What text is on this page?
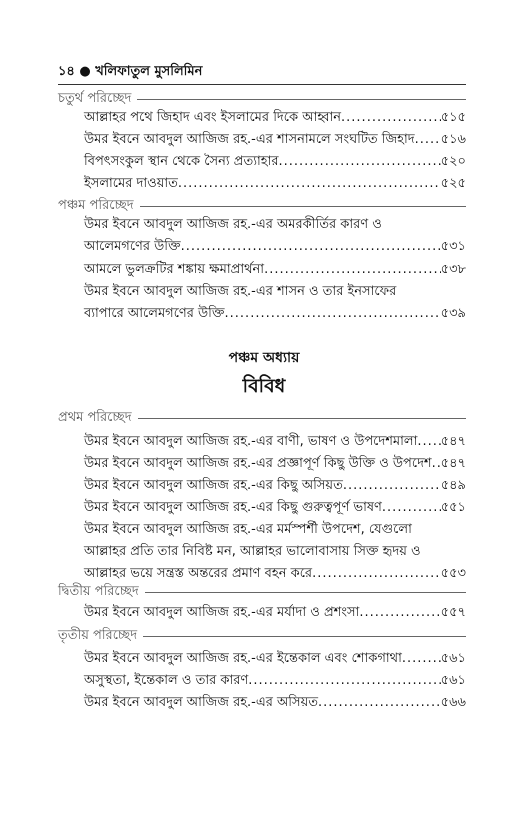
১৪ ● খলিফাতুল মুসলিমিন
পঞ্চম অধ্যায়
বিবিধ
চতুর্থ পরিচ্ছেদ
আল্লাহর পথে জিহাদ এবং ইসলামের দিকে আহ্বান .....	৫১৫
উমর ইবনে আবদুল আজিজ রহ.-এর শাসনামলে সংঘটিত জিহাদ ..... ৫১৬
বিপৎসংকুল স্থান থেকে সৈন্য প্রত্যাহার .....	৫২০
ইসলামের দাওয়াত .....	৫২৫
পঞ্চম পরিচ্ছেদ
উমর ইবনে আবদুল আজিজ রহ.-এর অমরকীর্তির কারণ ও
আলেমগণের উক্তি .....	৫৩১
আমলে ভুলক্রটির শঙ্কায় ক্ষমাপ্রার্থনা .....	৫৩৮
উমর ইবনে আবদুল আজিজ রহ.-এর শাসন ও তার ইনসাফের
ব্যাপারে আলেমগণের উক্তি .....	৫৩৯
প্রথম পরিচ্ছেদ
উমর ইবনে আবদুল আজিজ রহ.-এর বাণী, ভাষণ ও উপদেশমালা ..... ৫৪৭
উমর ইবনে আবদুল আজিজ রহ.-এর প্রজ্ঞাপূর্ণ কিছু উক্তি ও উপদেশ ..... ৫৪৭
উমর ইবনে আবদুল আজিজ রহ.-এর কিছু অসিয়ত .....	৫৪৯
উমর ইবনে আবদুল আজিজ রহ.-এর কিছু গুরুত্বপূর্ণ ভাষণ .....	৫৫১
উমর ইবনে আবদুল আজিজ রহ.-এর মর্মস্পর্শী উপদেশ, যেগুলো
আল্লাহর প্রতি তার নিবিষ্ট মন, আল্লাহর ভালোবাসায় সিক্ত হৃদয় ও
আল্লাহর ভয়ে সন্ত্রস্ত অন্তরের প্রমাণ বহন করে .....	৫৫৩
দ্বিতীয় পরিচ্ছেদ
উমর ইবনে আবদুল আজিজ রহ.-এর মর্যাদা ও প্রশংসা .....	৫৫৭
তৃতীয় পরিচ্ছেদ
উমর ইবনে আবদুল আজিজ রহ.-এর ইন্তেকাল এবং শোকগাথা .....	৫৬১
অসুস্থতা, ইন্তেকাল ও তার কারণ .....	৫৬১
উমর ইবনে আবদুল আজিজ রহ.-এর অসিয়ত .....	৫৬৬
